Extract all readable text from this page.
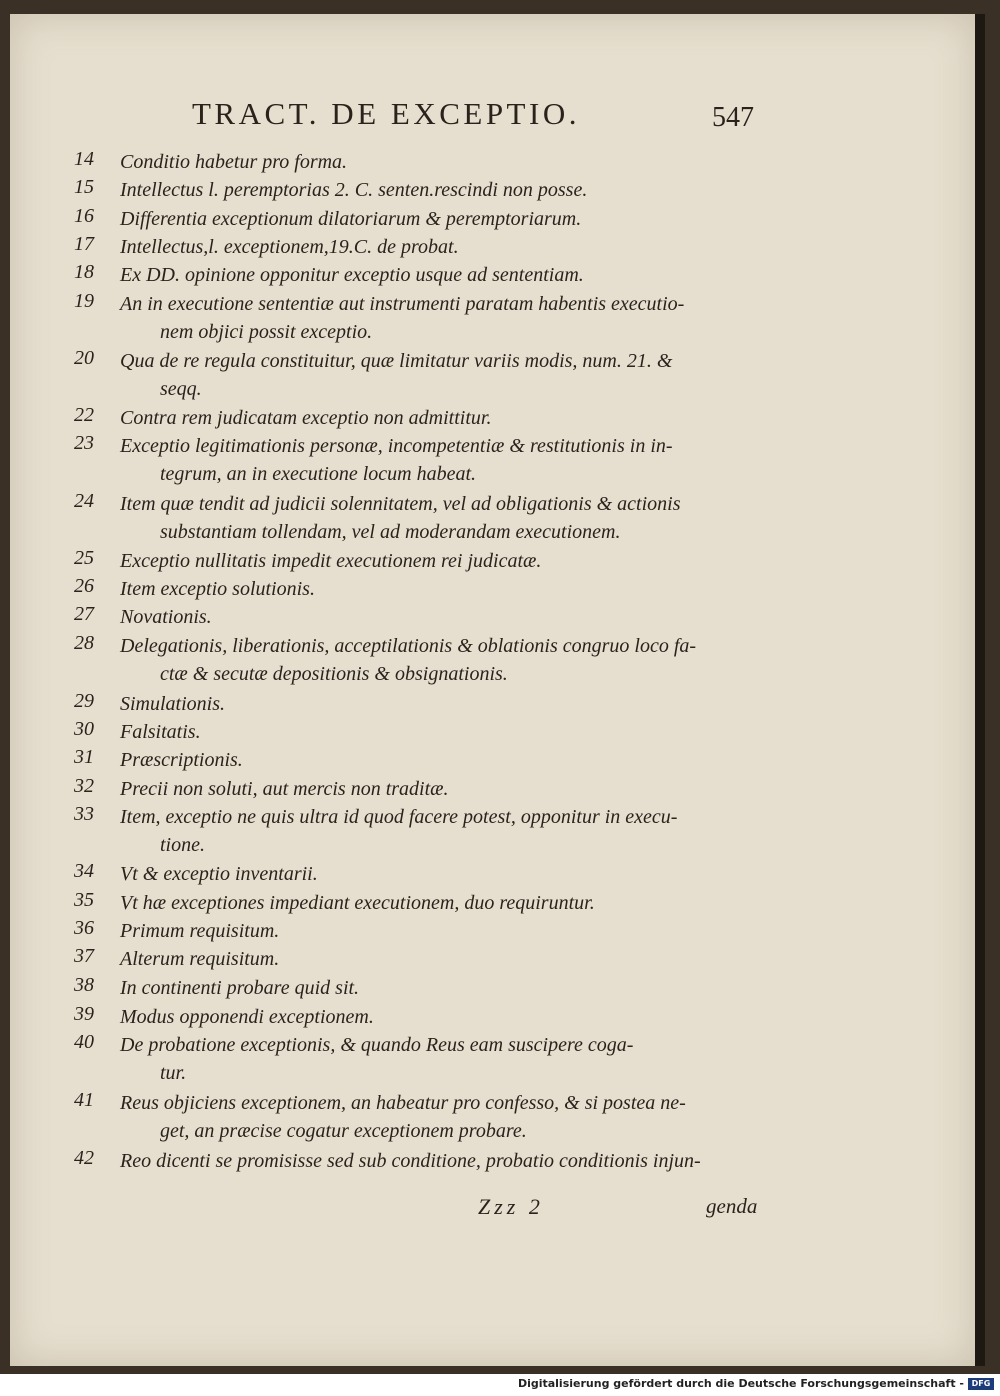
TRACT. DE EXCEPTIO.	547
14	Conditio habetur pro forma.
15	Intellectus l. peremptorias 2. C. senten.rescindi non posse.
16	Differentia exceptionum dilatoriarum & peremptoriarum.
17	Intellectus,l. exceptionem,19.C. de probat.
18	Ex DD. opinione opponitur exceptio usque ad sententiam.
19	An in executione sententiæ aut instrumenti paratam habentis executio-
nem objici possit exceptio.
20	Qua de re regula constituitur, quæ limitatur variis modis, num. 21. &
seqq.
22	Contra rem judicatam exceptio non admittitur.
23	Exceptio legitimationis personæ, incompetentiæ & restitutionis in in-
tegrum, an in executione locum habeat.
24	Item quæ tendit ad judicii solennitatem, vel ad obligationis & actionis
substantiam tollendam, vel ad moderandam executionem.
25	Exceptio nullitatis impedit executionem rei judicatæ.
26	Item exceptio solutionis.
27	Novationis.
28	Delegationis, liberationis, acceptilationis & oblationis congruo loco fa-
ctæ & secutæ depositionis & obsignationis.
29	Simulationis.
30	Falsitatis.
31	Præscriptionis.
32	Precii non soluti, aut mercis non traditæ.
33	Item, exceptio ne quis ultra id quod facere potest, opponitur in execu-
tione.
34	Vt & exceptio inventarii.
35	Vt hæ exceptiones impediant executionem, duo requiruntur.
36	Primum requisitum.
37	Alterum requisitum.
38	In continenti probare quid sit.
39	Modus opponendi exceptionem.
40	De probatione exceptionis, & quando Reus eam suscipere coga-
tur.
41	Reus objiciens exceptionem, an habeatur pro confesso, & si postea ne-
get, an præcise cogatur exceptionem probare.
42	Reo dicenti se promisisse sed sub conditione, probatio conditionis injun-
Zzz 2	genda
Digitalisierung gefördert durch die Deutsche Forschungsgemeinschaft - DFG
